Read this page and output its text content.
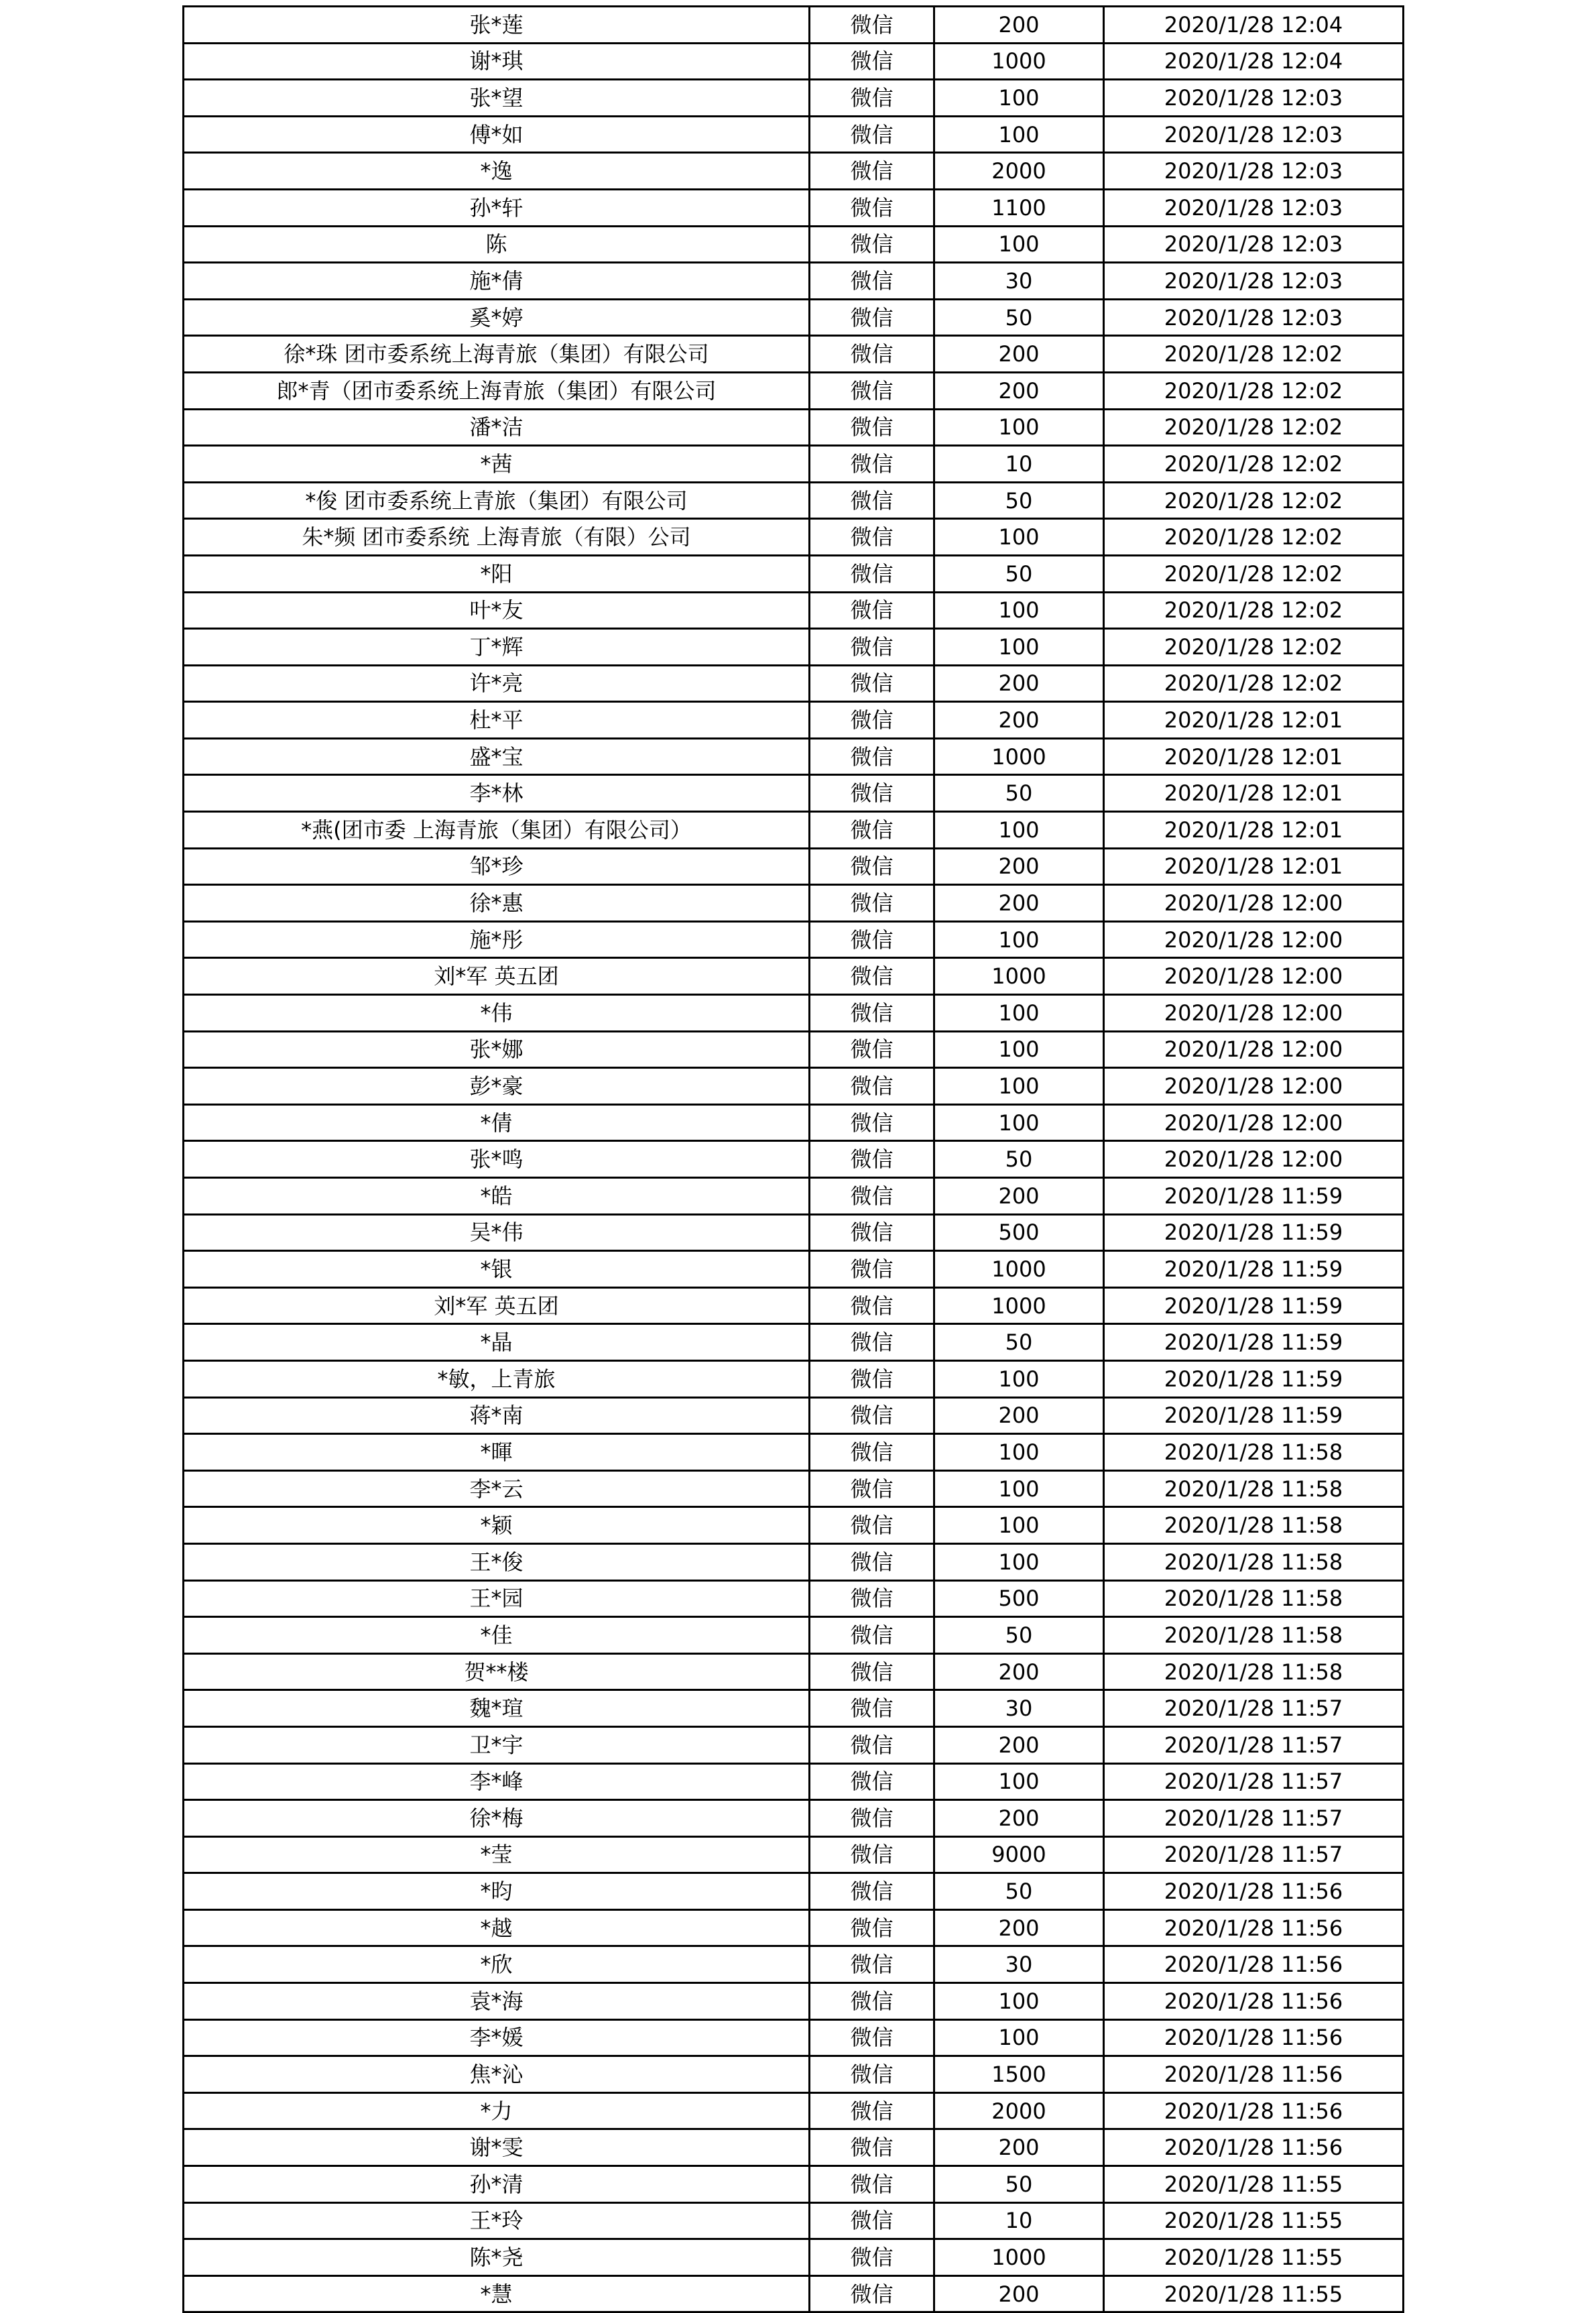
张*莲	微信	200	2020/1/28 12:04
谢*琪	微信	1000	2020/1/28 12:04
张*望	微信	100	2020/1/28 12:03
傅*如	微信	100	2020/1/28 12:03
*逸	微信	2000	2020/1/28 12:03
孙*轩	微信	1100	2020/1/28 12:03
陈	微信	100	2020/1/28 12:03
施*倩	微信	30	2020/1/28 12:03
奚*婷	微信	50	2020/1/28 12:03
徐*珠 团市委系统上海青旅（集团）有限公司	微信	200	2020/1/28 12:02
郎*青（团市委系统上海青旅（集团）有限公司	微信	200	2020/1/28 12:02
潘*洁	微信	100	2020/1/28 12:02
*茜	微信	10	2020/1/28 12:02
*俊 团市委系统上青旅（集团）有限公司	微信	50	2020/1/28 12:02
朱*频 团市委系统 上海青旅（有限）公司	微信	100	2020/1/28 12:02
*阳	微信	50	2020/1/28 12:02
叶*友	微信	100	2020/1/28 12:02
丁*辉	微信	100	2020/1/28 12:02
许*亮	微信	200	2020/1/28 12:02
杜*平	微信	200	2020/1/28 12:01
盛*宝	微信	1000	2020/1/28 12:01
李*林	微信	50	2020/1/28 12:01
*燕(团市委 上海青旅（集团）有限公司）	微信	100	2020/1/28 12:01
邹*珍	微信	200	2020/1/28 12:01
徐*惠	微信	200	2020/1/28 12:00
施*彤	微信	100	2020/1/28 12:00
刘*军 英五团	微信	1000	2020/1/28 12:00
*伟	微信	100	2020/1/28 12:00
张*娜	微信	100	2020/1/28 12:00
彭*豪	微信	100	2020/1/28 12:00
*倩	微信	100	2020/1/28 12:00
张*鸣	微信	50	2020/1/28 12:00
*皓	微信	200	2020/1/28 11:59
吴*伟	微信	500	2020/1/28 11:59
*银	微信	1000	2020/1/28 11:59
刘*军 英五团	微信	1000	2020/1/28 11:59
*晶	微信	50	2020/1/28 11:59
*敏，上青旅	微信	100	2020/1/28 11:59
蒋*南	微信	200	2020/1/28 11:59
*暉	微信	100	2020/1/28 11:58
李*云	微信	100	2020/1/28 11:58
*颖	微信	100	2020/1/28 11:58
王*俊	微信	100	2020/1/28 11:58
王*园	微信	500	2020/1/28 11:58
*佳	微信	50	2020/1/28 11:58
贺**楼	微信	200	2020/1/28 11:58
魏*瑄	微信	30	2020/1/28 11:57
卫*宇	微信	200	2020/1/28 11:57
李*峰	微信	100	2020/1/28 11:57
徐*梅	微信	200	2020/1/28 11:57
*莹	微信	9000	2020/1/28 11:57
*昀	微信	50	2020/1/28 11:56
*越	微信	200	2020/1/28 11:56
*欣	微信	30	2020/1/28 11:56
袁*海	微信	100	2020/1/28 11:56
李*媛	微信	100	2020/1/28 11:56
焦*沁	微信	1500	2020/1/28 11:56
*力	微信	2000	2020/1/28 11:56
谢*雯	微信	200	2020/1/28 11:56
孙*清	微信	50	2020/1/28 11:55
王*玲	微信	10	2020/1/28 11:55
陈*尧	微信	1000	2020/1/28 11:55
*慧	微信	200	2020/1/28 11:55
